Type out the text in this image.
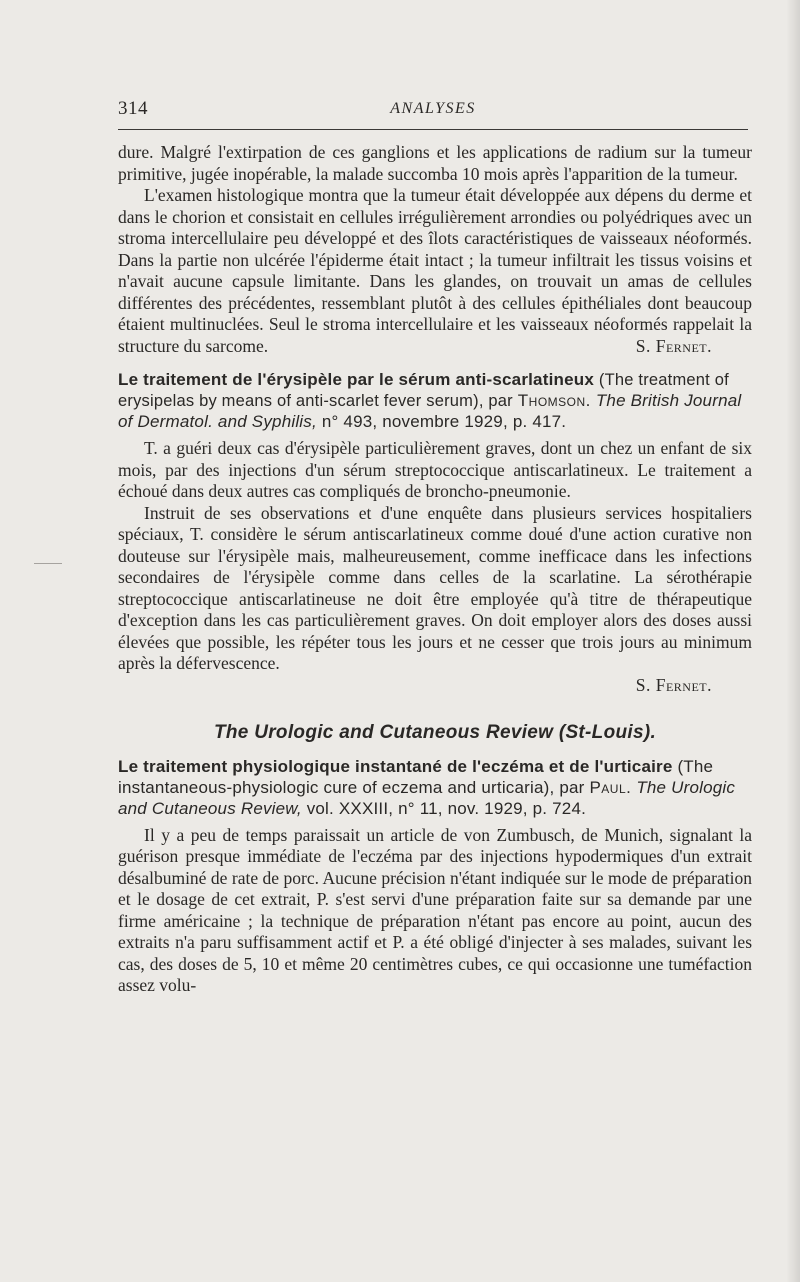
314	ANALYSES

dure. Malgré l'extirpation de ces ganglions et les applications de radium sur la tumeur primitive, jugée inopérable, la malade succomba 10 mois après l'apparition de la tumeur.

L'examen histologique montra que la tumeur était développée aux dépens du derme et dans le chorion et consistait en cellules irrégulièrement arrondies ou polyédriques avec un stroma intercellulaire peu développé et des îlots caractéristiques de vaisseaux néoformés. Dans la partie non ulcérée l'épiderme était intact ; la tumeur infiltrait les tissus voisins et n'avait aucune capsule limitante. Dans les glandes, on trouvait un amas de cellules différentes des précédentes, ressemblant plutôt à des cellules épithéliales dont beaucoup étaient multinuclées. Seul le stroma intercellulaire et les vaisseaux néoformés rappelait la structure du sarcome.	S. Fernet.

Le traitement de l'érysipèle par le sérum anti-scarlatineux (The treatment of erysipelas by means of anti-scarlet fever serum), par Thomson. The British Journal of Dermatol. and Syphilis, n° 493, novembre 1929, p. 417.

T. a guéri deux cas d'érysipèle particulièrement graves, dont un chez un enfant de six mois, par des injections d'un sérum streptococcique antiscarlatineux. Le traitement a échoué dans deux autres cas compliqués de broncho-pneumonie.

Instruit de ses observations et d'une enquête dans plusieurs services hospitaliers spéciaux, T. considère le sérum antiscarlatineux comme doué d'une action curative non douteuse sur l'érysipèle mais, malheureusement, comme inefficace dans les infections secondaires de l'érysipèle comme dans celles de la scarlatine. La sérothérapie streptococcique antiscarlatineuse ne doit être employée qu'à titre de thérapeutique d'exception dans les cas particulièrement graves. On doit employer alors des doses aussi élevées que possible, les répéter tous les jours et ne cesser que trois jours au minimum après la défervescence.

S. Fernet.

The Urologic and Cutaneous Review (St-Louis).
Le traitement physiologique instantané de l'eczéma et de l'urticaire (The instantaneous-physiologic cure of eczema and urticaria), par Paul. The Urologic and Cutaneous Review, vol. XXXIII, n° 11, nov. 1929, p. 724.

Il y a peu de temps paraissait un article de von Zumbusch, de Munich, signalant la guérison presque immédiate de l'eczéma par des injections hypodermiques d'un extrait désalbuminé de rate de porc. Aucune précision n'étant indiquée sur le mode de préparation et le dosage de cet extrait, P. s'est servi d'une préparation faite sur sa demande par une firme américaine ; la technique de préparation n'étant pas encore au point, aucun des extraits n'a paru suffisamment actif et P. a été obligé d'injecter à ses malades, suivant les cas, des doses de 5, 10 et même 20 centimètres cubes, ce qui occasionne une tuméfaction assez volu-
